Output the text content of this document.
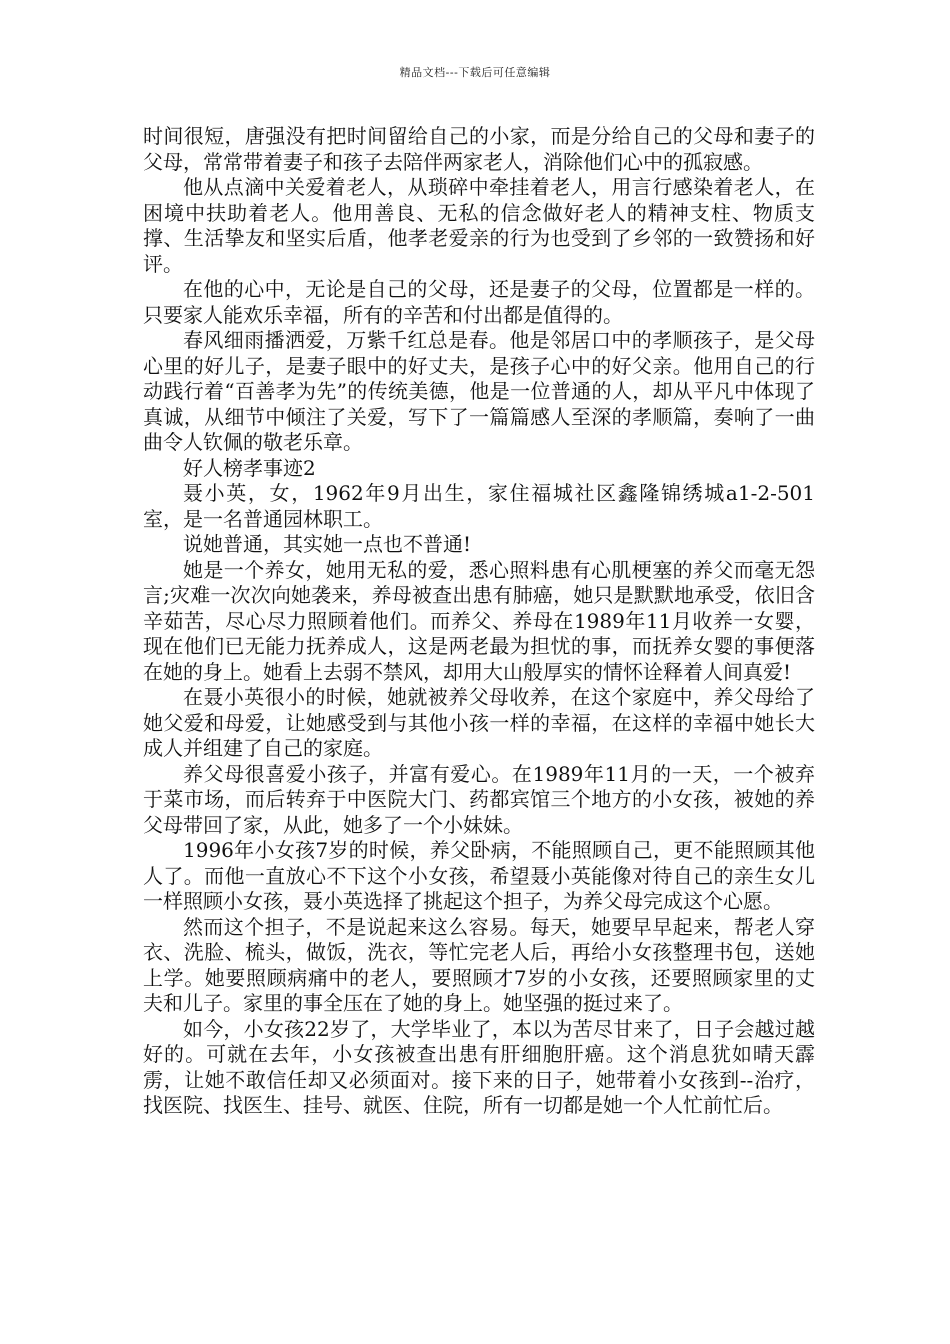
精品文档---下载后可任意编辑

时间很短，唐强没有把时间留给自己的小家，而是分给自己的父母和妻子的父母，常常带着妻子和孩子去陪伴两家老人，消除他们心中的孤寂感。

他从点滴中关爱着老人，从琐碎中牵挂着老人，用言行感染着老人，在困境中扶助着老人。他用善良、无私的信念做好老人的精神支柱、物质支撑、生活挚友和坚实后盾，他孝老爱亲的行为也受到了乡邻的一致赞扬和好评。

在他的心中，无论是自己的父母，还是妻子的父母，位置都是一样的。只要家人能欢乐幸福，所有的辛苦和付出都是值得的。

春风细雨播洒爱，万紫千红总是春。他是邻居口中的孝顺孩子，是父母心里的好儿子，是妻子眼中的好丈夫，是孩子心中的好父亲。他用自己的行动践行着“百善孝为先”的传统美德，他是一位普通的人，却从平凡中体现了真诚，从细节中倾注了关爱，写下了一篇篇感人至深的孝顺篇，奏响了一曲曲令人钦佩的敬老乐章。

好人榜孝事迹2

聂小英，女，1962年9月出生，家住福城社区鑫隆锦绣城a1-2-501室，是一名普通园林职工。

说她普通，其实她一点也不普通!

她是一个养女，她用无私的爱，悉心照料患有心肌梗塞的养父而毫无怨言;灾难一次次向她袭来，养母被查出患有肺癌，她只是默默地承受，依旧含辛茹苦，尽心尽力照顾着他们。而养父、养母在1989年11月收养一女婴，现在他们已无能力抚养成人，这是两老最为担忧的事，而抚养女婴的事便落在她的身上。她看上去弱不禁风，却用大山般厚实的情怀诠释着人间真爱!

在聂小英很小的时候，她就被养父母收养，在这个家庭中，养父母给了她父爱和母爱，让她感受到与其他小孩一样的幸福，在这样的幸福中她长大成人并组建了自己的家庭。

养父母很喜爱小孩子，并富有爱心。在1989年11月的一天，一个被弃于菜市场，而后转弃于中医院大门、药都宾馆三个地方的小女孩，被她的养父母带回了家，从此，她多了一个小妹妹。

1996年小女孩7岁的时候，养父卧病，不能照顾自己，更不能照顾其他人了。而他一直放心不下这个小女孩，希望聂小英能像对待自己的亲生女儿一样照顾小女孩，聂小英选择了挑起这个担子，为养父母完成这个心愿。

然而这个担子，不是说起来这么容易。每天，她要早早起来，帮老人穿衣、洗脸、梳头，做饭，洗衣，等忙完老人后，再给小女孩整理书包，送她上学。她要照顾病痛中的老人，要照顾才7岁的小女孩，还要照顾家里的丈夫和儿子。家里的事全压在了她的身上。她坚强的挺过来了。

如今，小女孩22岁了，大学毕业了，本以为苦尽甘来了，日子会越过越好的。可就在去年，小女孩被查出患有肝细胞肝癌。这个消息犹如晴天霹雳，让她不敢信任却又必须面对。接下来的日子，她带着小女孩到--治疗，找医院、找医生、挂号、就医、住院，所有一切都是她一个人忙前忙后。
